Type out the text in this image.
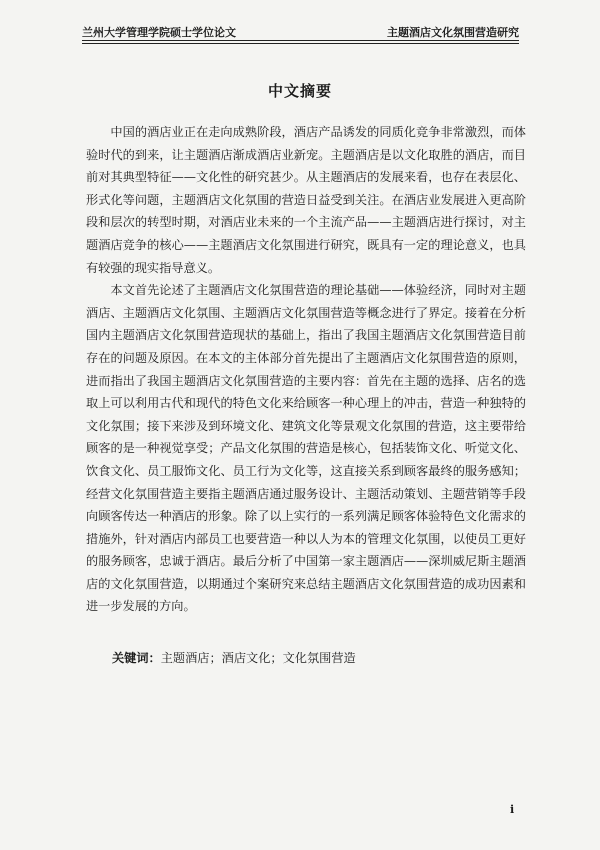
兰州大学管理学院硕士学位论文	主题酒店文化氛围营造研究
中文摘要

中国的酒店业正在走向成熟阶段，酒店产品诱发的同质化竞争非常激烈，而体验时代的到来，让主题酒店渐成酒店业新宠。主题酒店是以文化取胜的酒店，而目前对其典型特征——文化性的研究甚少。从主题酒店的发展来看，也存在表层化、形式化等问题，主题酒店文化氛围的营造日益受到关注。在酒店业发展进入更高阶段和层次的转型时期，对酒店业未来的一个主流产品——主题酒店进行探讨，对主题酒店竞争的核心——主题酒店文化氛围进行研究，既具有一定的理论意义，也具有较强的现实指导意义。

本文首先论述了主题酒店文化氛围营造的理论基础——体验经济，同时对主题酒店、主题酒店文化氛围、主题酒店文化氛围营造等概念进行了界定。接着在分析国内主题酒店文化氛围营造现状的基础上，指出了我国主题酒店文化氛围营造目前存在的问题及原因。在本文的主体部分首先提出了主题酒店文化氛围营造的原则，进而指出了我国主题酒店文化氛围营造的主要内容：首先在主题的选择、店名的选取上可以利用古代和现代的特色文化来给顾客一种心理上的冲击，营造一种独特的文化氛围；接下来涉及到环境文化、建筑文化等景观文化氛围的营造，这主要带给顾客的是一种视觉享受；产品文化氛围的营造是核心，包括装饰文化、听觉文化、饮食文化、员工服饰文化、员工行为文化等，这直接关系到顾客最终的服务感知；经营文化氛围营造主要指主题酒店通过服务设计、主题活动策划、主题营销等手段向顾客传达一种酒店的形象。除了以上实行的一系列满足顾客体验特色文化需求的措施外，针对酒店内部员工也要营造一种以人为本的管理文化氛围，以使员工更好的服务顾客，忠诚于酒店。最后分析了中国第一家主题酒店——深圳威尼斯主题酒店的文化氛围营造，以期通过个案研究来总结主题酒店文化氛围营造的成功因素和进一步发展的方向。

关键词：主题酒店；酒店文化；文化氛围营造
i
